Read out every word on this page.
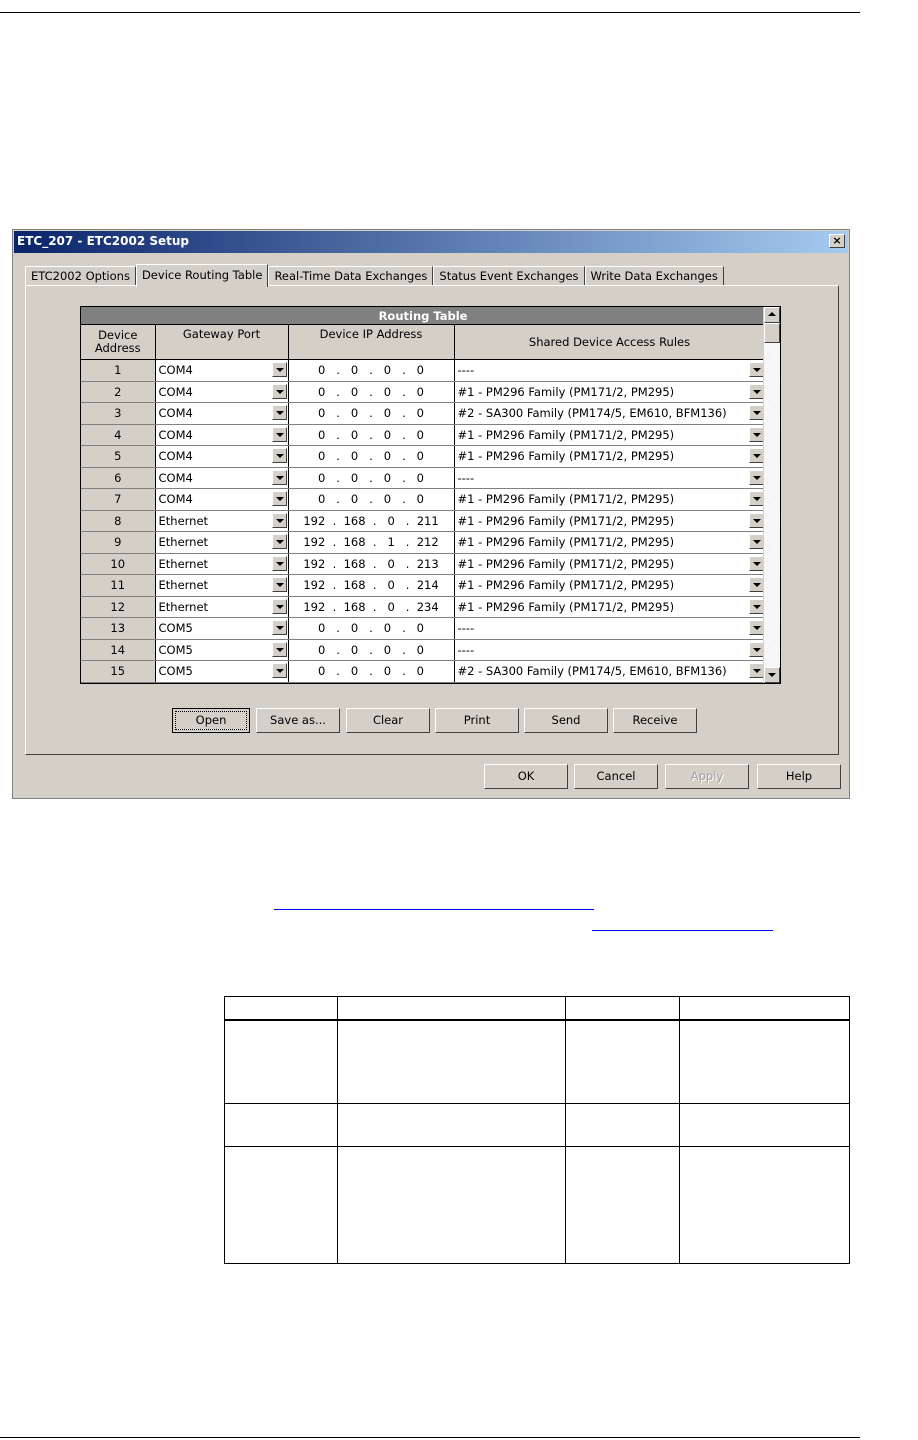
ETC_207 - ETC2002 Setup	×
ETC2002 Options	Device Routing Table	Real-Time Data Exchanges	Status Event Exchanges	Write Data Exchanges
Routing Table			
Device Address	Gateway Port	Device IP Address	Shared Device Access Rules
1	COM4	0   .   0   .   0   .   0	----

2	COM4	0   .   0   .   0   .   0	#1 - PM296 Family (PM171/2, PM295)

3	COM4	0   .   0   .   0   .   0	#2 - SA300 Family (PM174/5, EM610, BFM136)

4	COM4	0   .   0   .   0   .   0	#1 - PM296 Family (PM171/2, PM295)

5	COM4	0   .   0   .   0   .   0	#1 - PM296 Family (PM171/2, PM295)

6	COM4	0   .   0   .   0   .   0	----

7	COM4	0   .   0   .   0   .   0	#1 - PM296 Family (PM171/2, PM295)

8	Ethernet	192  .  168  .   0   .  211	#1 - PM296 Family (PM171/2, PM295)

9	Ethernet	192  .  168  .   1   .  212	#1 - PM296 Family (PM171/2, PM295)

10	Ethernet	192  .  168  .   0   .  213	#1 - PM296 Family (PM171/2, PM295)

11	Ethernet	192  .  168  .   0   .  214	#1 - PM296 Family (PM171/2, PM295)

12	Ethernet	192  .  168  .   0   .  234	#1 - PM296 Family (PM171/2, PM295)

13	COM5	0   .   0   .   0   .   0	----

14	COM5	0   .   0   .   0   .   0	----

15	COM5	0   .   0   .   0   .   0	#2 - SA300 Family (PM174/5, EM610, BFM136)
Open	Save as...	Clear	Print	Send	Receive
OK	Cancel	Apply	Help
